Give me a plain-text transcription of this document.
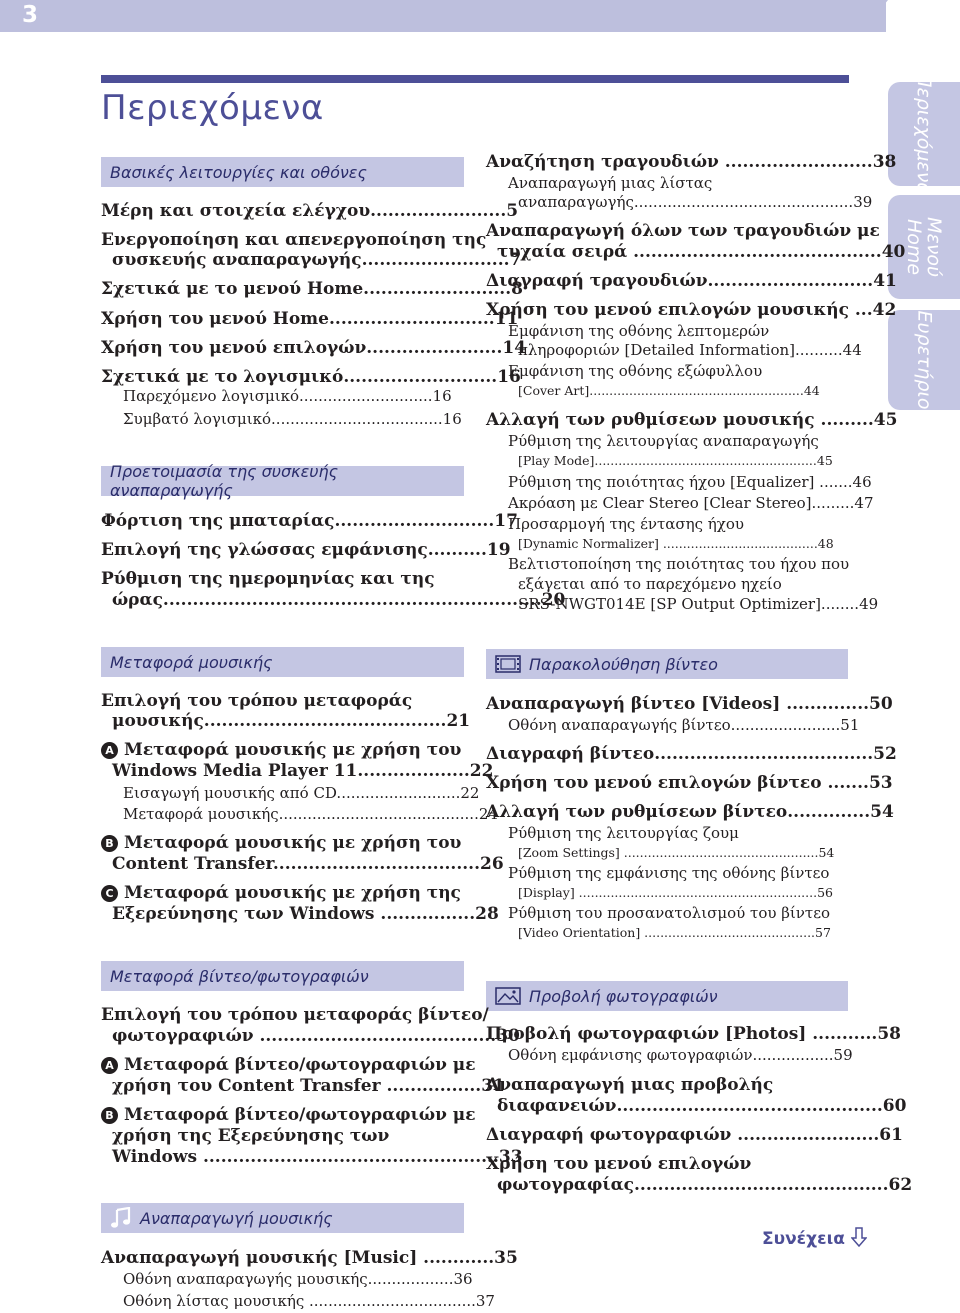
3
Περιεχόμενα	Περιεχόμενα
Μενού Home
Ευρετήριο
Βασικές λειτουργίες και οθόνες
Προετοιμασία της συσκευής αναπαραγωγής
Μεταφορά μουσικής
Μεταφορά βίντεο/φωτογραφιών
Αναπαραγωγή μουσικής
Παρακολούθηση βίντεο
Προβολή φωτογραφιών
Μέρη και στοιχεία ελέγχου.......................5
Ενεργοποίηση και απενεργοποίηση της
συσκευής αναπαραγωγής.........................7
Σχετικά με το μενού Home.........................8
Χρήση του μενού Home............................11
Χρήση του μενού επιλογών.......................14
Σχετικά με το λογισμικό..........................16
Παρεχόμενο λογισμικό............................16
Συμβατό λογισμικό....................................16
Φόρτιση της μπαταρίας...........................17
Επιλογή της γλώσσας εμφάνισης..........19
Ρύθμιση της ημερομηνίας και της
ώρας................................................................20
Επιλογή του τρόπου μεταφοράς
μουσικής.........................................21
A Μεταφορά μουσικής με χρήση του
Windows Media Player 11...................22
Εισαγωγή μουσικής από CD..........................22
Μεταφορά μουσικής..........................................24
B Μεταφορά μουσικής με χρήση του
Content Transfer...................................26
C Μεταφορά μουσικής με χρήση της
Εξερεύνησης των Windows ................28
Επιλογή του τρόπου μεταφοράς βίντεο/
φωτογραφιών ........................................30
A Μεταφορά βίντεο/φωτογραφιών με
χρήση του Content Transfer ................31
B Μεταφορά βίντεο/φωτογραφιών με
χρήση της Εξερεύνησης των
Windows ..................................................33
Αναπαραγωγή μουσικής [Music] ............35
Οθόνη αναπαραγωγής μουσικής..................36
Οθόνη λίστας μουσικής ...................................37
Αναζήτηση τραγουδιών .........................38
Αναπαραγωγή μιας λίστας
αναπαραγωγής..............................................39
Αναπαραγωγή όλων των τραγουδιών με
τυχαία σειρά ..........................................40
Διαγραφή τραγουδιών............................41
Χρήση του μενού επιλογών μουσικής ...42
Εμφάνιση της οθόνης λεπτομερών
πληροφοριών [Detailed Information]..........44
Εμφάνιση της οθόνης εξώφυλλου
[Cover Art]......................................................44
Αλλαγή των ρυθμίσεων μουσικής .........45
Ρύθμιση της λειτουργίας αναπαραγωγής
[Play Mode]........................................................45
Ρύθμιση της ποιότητας ήχου [Equalizer] .......46
Ακρόαση με Clear Stereo [Clear Stereo].........47
Προσαρμογή της έντασης ήχου
[Dynamic Normalizer] .......................................48
Βελτιστοποίηση της ποιότητας του ήχου που
εξάγεται από το παρεχόμενο ηχείο
SRS-NWGT014E [SP Output Optimizer]........49
Αναπαραγωγή βίντεο [Videos] ..............50
Οθόνη αναπαραγωγής βίντεο.......................51
Διαγραφή βίντεο.....................................52
Χρήση του μενού επιλογών βίντεο .......53
Αλλαγή των ρυθμίσεων βίντεο..............54
Ρύθμιση της λειτουργίας ζουμ
[Zoom Settings] .................................................54
Ρύθμιση της εμφάνισης της οθόνης βίντεο
[Display] ............................................................56
Ρύθμιση του προσανατολισμού του βίντεο
[Video Orientation] ...........................................57
Προβολή φωτογραφιών [Photos] ...........58
Οθόνη εμφάνισης φωτογραφιών.................59
Αναπαραγωγή μιας προβολής
διαφανειών.............................................60
Διαγραφή φωτογραφιών ........................61
Χρήση του μενού επιλογών
φωτογραφίας...........................................62
Συνέχεια
